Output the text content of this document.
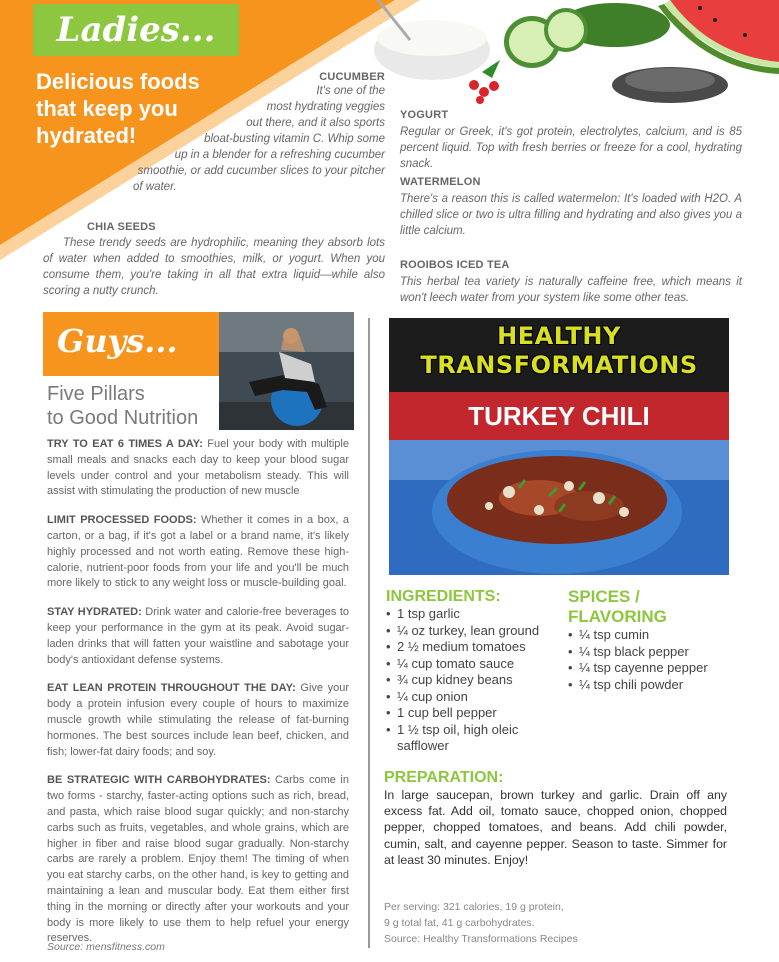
Ladies...
Delicious foods
that keep you
hydrated!
CUCUMBER
It's one of the
most hydrating veggies
out there, and it also sports
bloat-busting vitamin C. Whip some
up in a blender for a refreshing cucumber
smoothie, or add cucumber slices to your pitcher
of water.
CHIA SEEDS
These trendy seeds are hydrophilic, meaning they absorb lots of water when added to smoothies, milk, or yogurt. When you consume them, you're taking in all that extra liquid—while also scoring a nutty crunch.
YOGURT
Regular or Greek, it's got protein, electrolytes, calcium, and is 85 percent liquid. Top with fresh berries or freeze for a cool, hydrating snack.
WATERMELON
There's a reason this is called watermelon: It's loaded with H2O. A chilled slice or two is ultra filling and hydrating and also gives you a little calcium.
ROOIBOS ICED TEA
This herbal tea variety is naturally caffeine free, which means it won't leech water from your system like some other teas.
Guys...
Five Pillars
to Good Nutrition

TRY TO EAT 6 TIMES A DAY: Fuel your body with multiple small meals and snacks each day to keep your blood sugar levels under control and your metabolism steady. This will assist with stimulating the production of new muscle

LIMIT PROCESSED FOODS: Whether it comes in a box, a carton, or a bag, if it's got a label or a brand name, it's likely highly processed and not worth eating. Remove these high-calorie, nutrient-poor foods from your life and you'll be much more likely to stick to any weight loss or muscle-building goal.

STAY HYDRATED: Drink water and calorie-free beverages to keep your performance in the gym at its peak. Avoid sugar-laden drinks that will fatten your waistline and sabotage your body's antioxidant defense systems.

EAT LEAN PROTEIN THROUGHOUT THE DAY: Give your body a protein infusion every couple of hours to maximize muscle growth while stimulating the release of fat-burning hormones. The best sources include lean beef, chicken, and fish; lower-fat dairy foods; and soy.

BE STRATEGIC WITH CARBOHYDRATES: Carbs come in two forms - starchy, faster-acting options such as rich, bread, and pasta, which raise blood sugar quickly; and non-starchy carbs such as fruits, vegetables, and whole grains, which are higher in fiber and raise blood sugar gradually. Non-starchy carbs are rarely a problem. Enjoy them! The timing of when you eat starchy carbs, on the other hand, is key to getting and maintaining a lean and muscular body. Eat them either first thing in the morning or directly after your workouts and your body is more likely to use them to help refuel your energy reserves.

Source: mensfitness.com
HEALTHY
TRANSFORMATIONS
TURKEY CHILI
INGREDIENTS:
• 1 tsp garlic
• ¼ oz turkey, lean ground
• 2 ½ medium tomatoes
• ¼ cup tomato sauce
• ¾ cup kidney beans
• ¼ cup onion
• 1 cup bell pepper
• 1 ½ tsp oil, high oleic safflower
SPICES /
FLAVORING
• ¼ tsp cumin
• ¼ tsp black pepper
• ¼ tsp cayenne pepper
• ¼ tsp chili powder
PREPARATION:
In large saucepan, brown turkey and garlic. Drain off any excess fat. Add oil, tomato sauce, chopped onion, chopped pepper, chopped tomatoes, and beans. Add chili powder, cumin, salt, and cayenne pepper. Season to taste. Simmer for at least 30 minutes. Enjoy!
Per serving: 321 calories, 19 g protein,
9 g total fat, 41 g carbohydrates.
Source: Healthy Transformations Recipes
